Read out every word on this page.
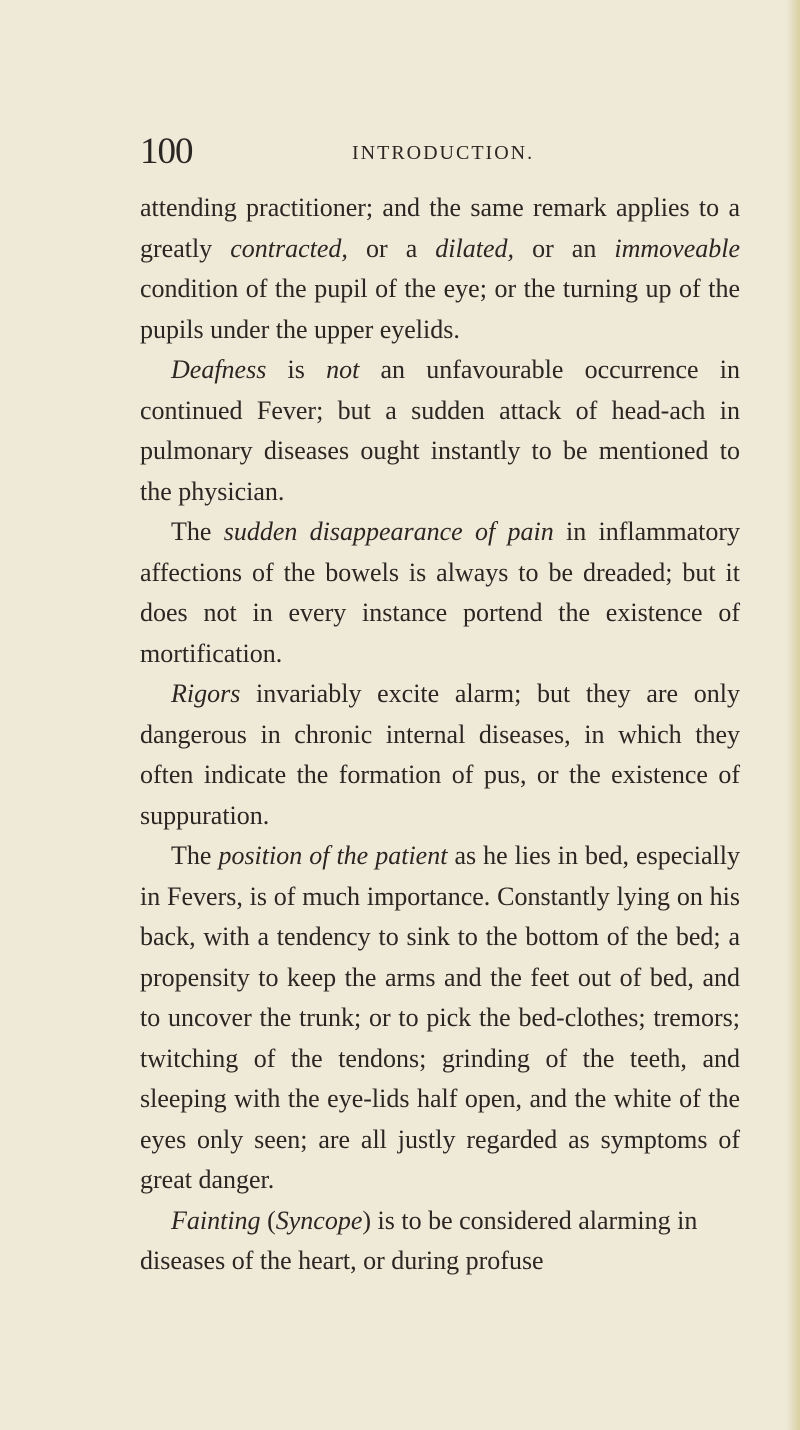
100	INTRODUCTION.

attending practitioner; and the same remark applies to a greatly contracted, or a dilated, or an immoveable condition of the pupil of the eye; or the turning up of the pupils under the upper eyelids.

Deafness is not an unfavourable occurrence in continued Fever; but a sudden attack of head-ach in pulmonary diseases ought instantly to be mentioned to the physician.

The sudden disappearance of pain in inflammatory affections of the bowels is always to be dreaded; but it does not in every instance portend the existence of mortification.

Rigors invariably excite alarm; but they are only dangerous in chronic internal diseases, in which they often indicate the formation of pus, or the existence of suppuration.

The position of the patient as he lies in bed, especially in Fevers, is of much importance. Constantly lying on his back, with a tendency to sink to the bottom of the bed; a propensity to keep the arms and the feet out of bed, and to uncover the trunk; or to pick the bed-clothes; tremors; twitching of the tendons; grinding of the teeth, and sleeping with the eye-lids half open, and the white of the eyes only seen; are all justly regarded as symptoms of great danger.

Fainting (Syncope) is to be considered alarming in diseases of the heart, or during profuse
